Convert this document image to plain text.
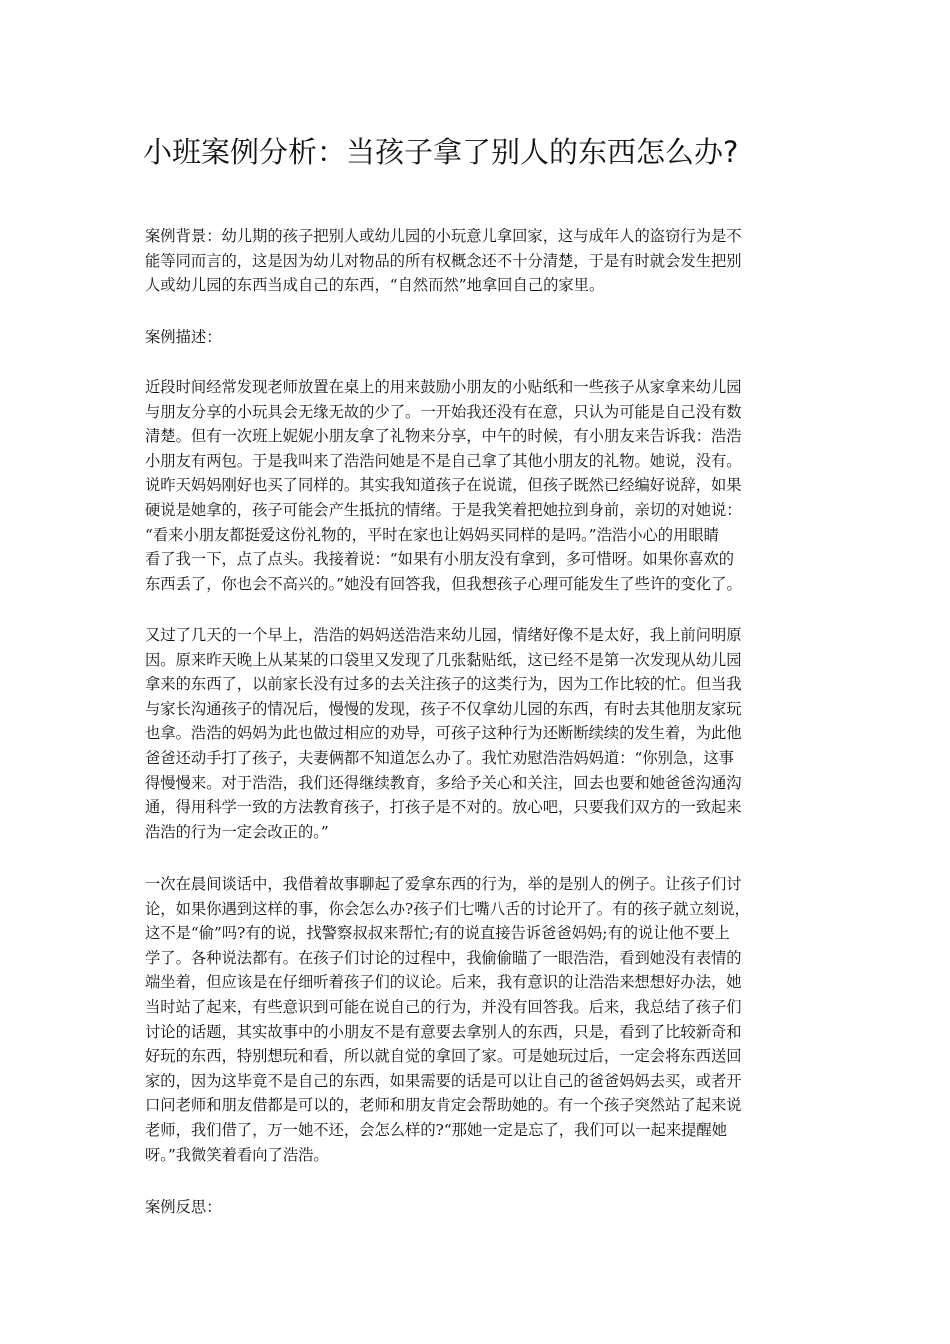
小班案例分析：当孩子拿了别人的东西怎么办?
案例背景：幼儿期的孩子把别人或幼儿园的小玩意儿拿回家，这与成年人的盗窃行为是不
能等同而言的，这是因为幼儿对物品的所有权概念还不十分清楚，于是有时就会发生把别
人或幼儿园的东西当成自己的东西，“自然而然”地拿回自己的家里。
案例描述：
近段时间经常发现老师放置在桌上的用来鼓励小朋友的小贴纸和一些孩子从家拿来幼儿园
与朋友分享的小玩具会无缘无故的少了。一开始我还没有在意，只认为可能是自己没有数
清楚。但有一次班上妮妮小朋友拿了礼物来分享，中午的时候，有小朋友来告诉我：浩浩
小朋友有两包。于是我叫来了浩浩问她是不是自己拿了其他小朋友的礼物。她说，没有。
说昨天妈妈刚好也买了同样的。其实我知道孩子在说谎，但孩子既然已经编好说辞，如果
硬说是她拿的，孩子可能会产生抵抗的情绪。于是我笑着把她拉到身前，亲切的对她说：
“看来小朋友都挺爱这份礼物的，平时在家也让妈妈买同样的是吗。”浩浩小心的用眼睛
看了我一下，点了点头。我接着说：“如果有小朋友没有拿到，多可惜呀。如果你喜欢的
东西丢了，你也会不高兴的。”她没有回答我，但我想孩子心理可能发生了些许的变化了。
又过了几天的一个早上，浩浩的妈妈送浩浩来幼儿园，情绪好像不是太好，我上前问明原
因。原来昨天晚上从某某的口袋里又发现了几张黏贴纸，这已经不是第一次发现从幼儿园
拿来的东西了，以前家长没有过多的去关注孩子的这类行为，因为工作比较的忙。但当我
与家长沟通孩子的情况后，慢慢的发现，孩子不仅拿幼儿园的东西，有时去其他朋友家玩
也拿。浩浩的妈妈为此也做过相应的劝导，可孩子这种行为还断断续续的发生着，为此他
爸爸还动手打了孩子，夫妻俩都不知道怎么办了。我忙劝慰浩浩妈妈道：“你别急，这事
得慢慢来。对于浩浩，我们还得继续教育，多给予关心和关注，回去也要和她爸爸沟通沟
通，得用科学一致的方法教育孩子，打孩子是不对的。放心吧，只要我们双方的一致起来
浩浩的行为一定会改正的。”
一次在晨间谈话中，我借着故事聊起了爱拿东西的行为，举的是别人的例子。让孩子们讨
论，如果你遇到这样的事，你会怎么办?孩子们七嘴八舌的讨论开了。有的孩子就立刻说，
这不是“偷”吗?有的说，找警察叔叔来帮忙;有的说直接告诉爸爸妈妈;有的说让他不要上
学了。各种说法都有。在孩子们讨论的过程中，我偷偷瞄了一眼浩浩，看到她没有表情的
端坐着，但应该是在仔细听着孩子们的议论。后来，我有意识的让浩浩来想想好办法，她
当时站了起来，有些意识到可能在说自己的行为，并没有回答我。后来，我总结了孩子们
讨论的话题，其实故事中的小朋友不是有意要去拿别人的东西，只是，看到了比较新奇和
好玩的东西，特别想玩和看，所以就自觉的拿回了家。可是她玩过后，一定会将东西送回
家的，因为这毕竟不是自己的东西，如果需要的话是可以让自己的爸爸妈妈去买，或者开
口问老师和朋友借都是可以的，老师和朋友肯定会帮助她的。有一个孩子突然站了起来说
老师，我们借了，万一她不还，会怎么样的?“那她一定是忘了，我们可以一起来提醒她
呀。”我微笑着看向了浩浩。
案例反思：
